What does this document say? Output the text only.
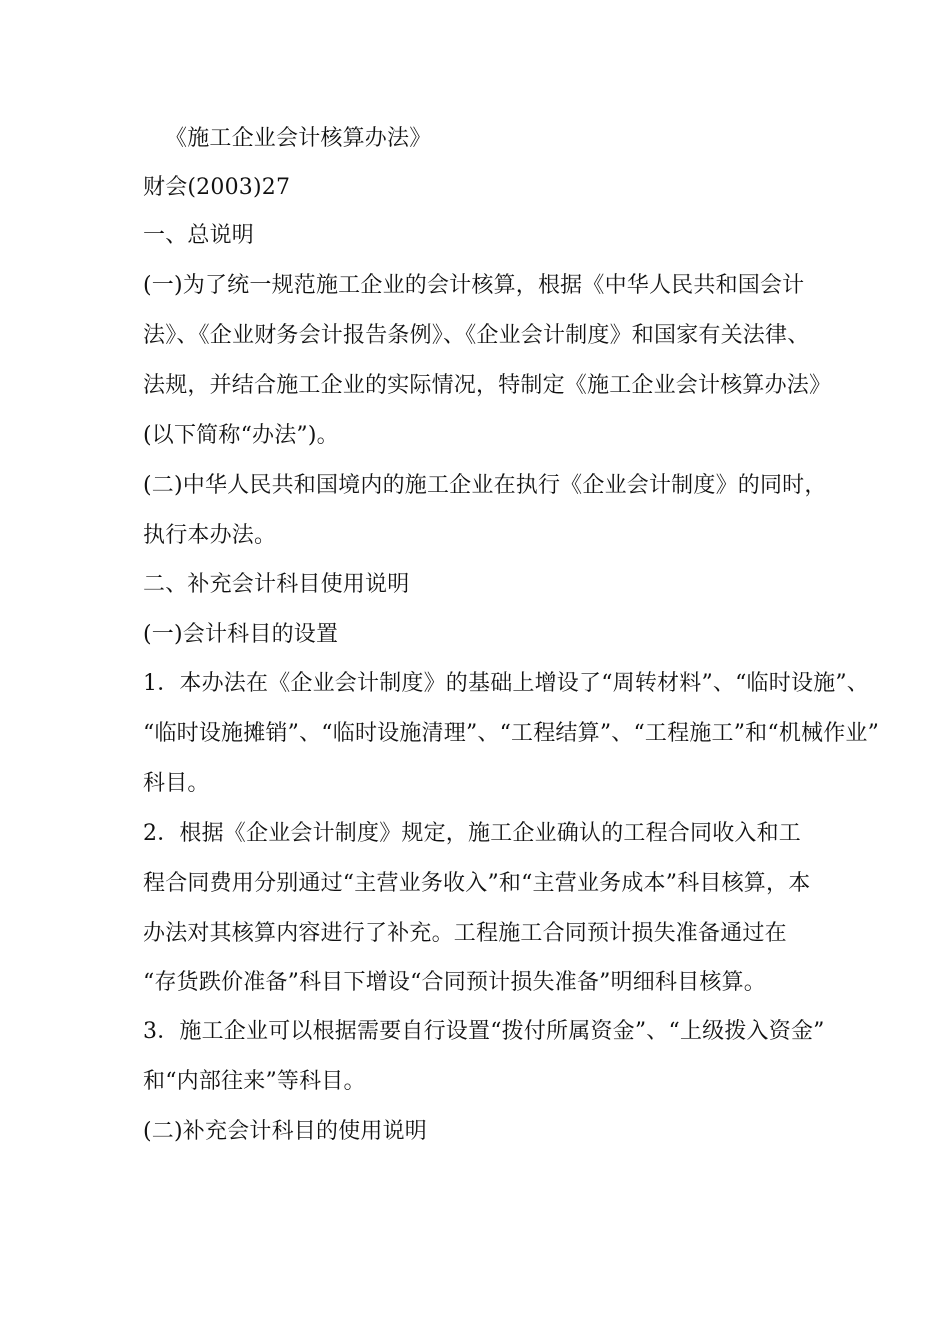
《施工企业会计核算办法》
财会(2003)27
一、总说明
(一)为了统一规范施工企业的会计核算，根据《中华人民共和国会计
法》、《企业财务会计报告条例》、《企业会计制度》和国家有关法律、
法规，并结合施工企业的实际情况，特制定《施工企业会计核算办法》
(以下简称“办法”)。
(二)中华人民共和国境内的施工企业在执行《企业会计制度》的同时，
执行本办法。
二、补充会计科目使用说明
(一)会计科目的设置
1．本办法在《企业会计制度》的基础上增设了“周转材料”、“临时设施”、
“临时设施摊销”、“临时设施清理”、“工程结算”、“工程施工”和“机械作业”
科目。
2．根据《企业会计制度》规定，施工企业确认的工程合同收入和工
程合同费用分别通过“主营业务收入”和“主营业务成本”科目核算，本
办法对其核算内容进行了补充。工程施工合同预计损失准备通过在
“存货跌价准备”科目下增设“合同预计损失准备”明细科目核算。
3．施工企业可以根据需要自行设置“拨付所属资金”、“上级拨入资金”
和“内部往来”等科目。
(二)补充会计科目的使用说明
